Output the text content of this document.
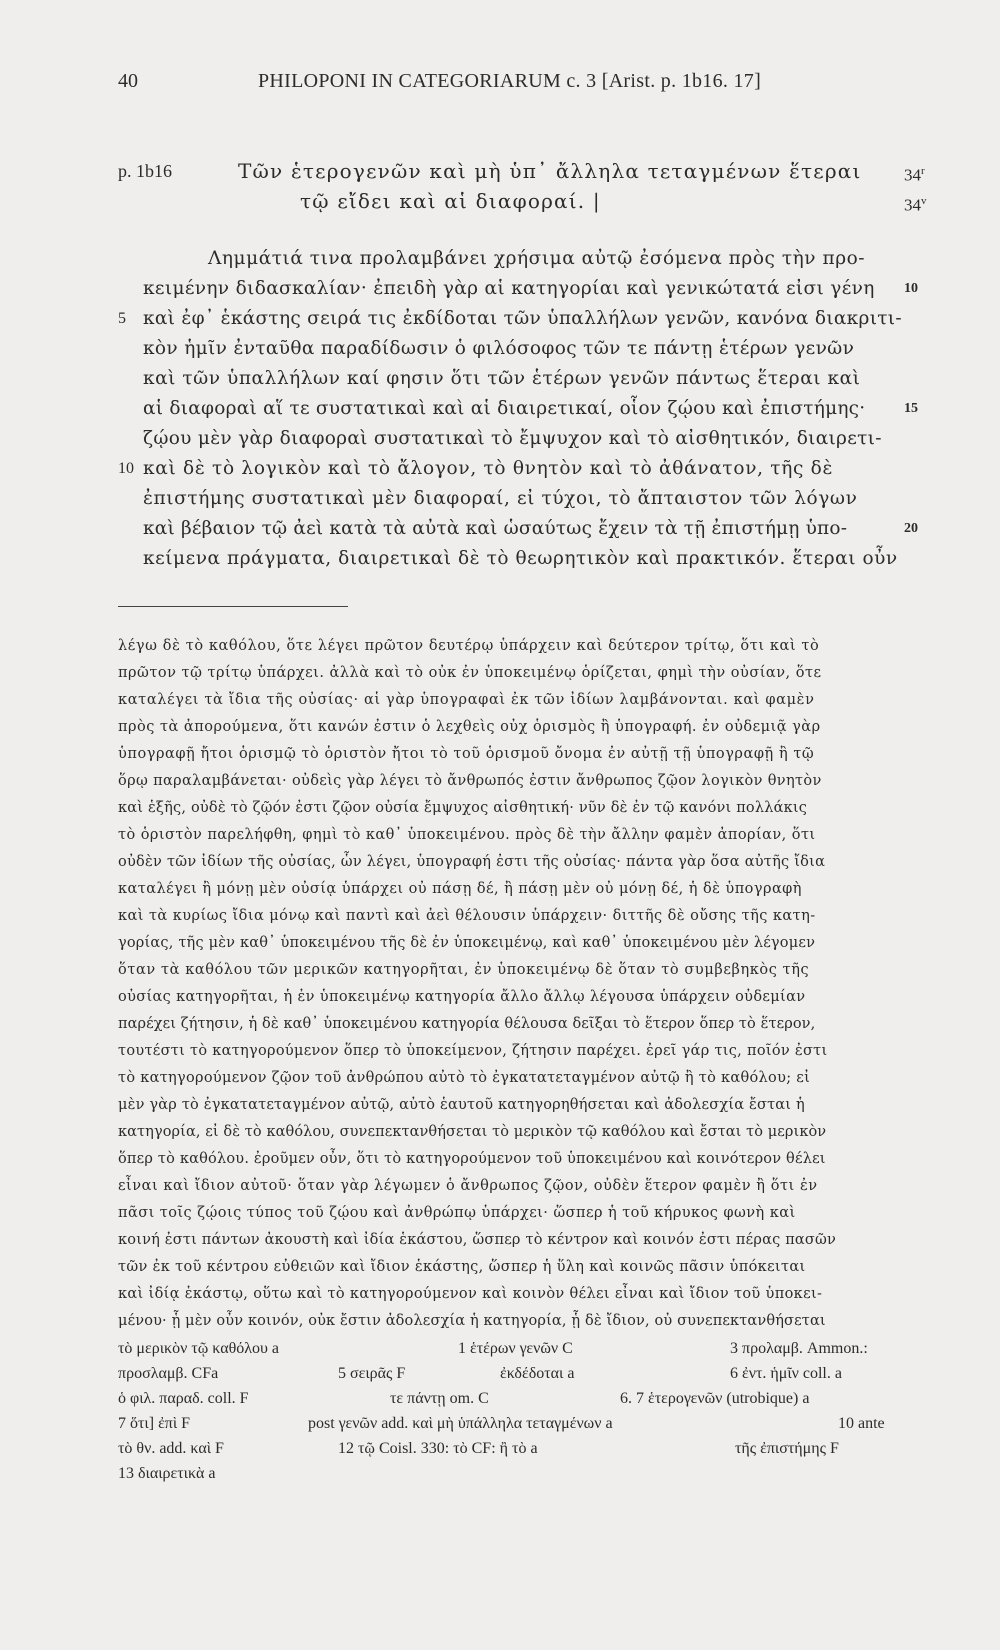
40	PHILOPONI IN CATEGORIARUM c. 3 [Arist. p. 1b16. 17]
p. 1b16	Τῶν ἑτερογενῶν καὶ μὴ ὑπ᾽ ἄλληλα τεταγμένων ἕτεραι
τῷ εἴδει καὶ αἱ διαφοραί. |
34$^r$
34$^v$
Λημμάτιά τινα προλαμβάνει χρήσιμα αὐτῷ ἐσόμενα πρὸς τὴν προ-
κειμένην διδασκαλίαν· ἐπειδὴ γὰρ αἱ κατηγορίαι καὶ γενικώτατά εἰσι γένη
καὶ ἐφ᾽ ἑκάστης σειρά τις ἐκδίδοται τῶν ὑπαλλήλων γενῶν, κανόνα διακριτι-
κὸν ἡμῖν ἐνταῦθα παραδίδωσιν ὁ φιλόσοφος τῶν τε πάντῃ ἑτέρων γενῶν
καὶ τῶν ὑπαλλήλων καί φησιν ὅτι τῶν ἑτέρων γενῶν πάντως ἕτεραι καὶ
αἱ διαφοραὶ αἵ τε συστατικαὶ καὶ αἱ διαιρετικαί, οἷον ζῴου καὶ ἐπιστήμης·
ζῴου μὲν γὰρ διαφοραὶ συστατικαὶ τὸ ἔμψυχον καὶ τὸ αἰσθητικόν, διαιρετι-
καὶ δὲ τὸ λογικὸν καὶ τὸ ἄλογον, τὸ θνητὸν καὶ τὸ ἀθάνατον, τῆς δὲ
ἐπιστήμης συστατικαὶ μὲν διαφοραί, εἰ τύχοι, τὸ ἄπταιστον τῶν λόγων
καὶ βέβαιον τῷ ἀεὶ κατὰ τὰ αὐτὰ καὶ ὡσαύτως ἔχειν τὰ τῇ ἐπιστήμῃ ὑπο-
κείμενα πράγματα, διαιρετικαὶ δὲ τὸ θεωρητικὸν καὶ πρακτικόν. ἕτεραι οὖν
5
10
10
15
20
λέγω δὲ τὸ καθόλου, ὅτε λέγει πρῶτον δευτέρῳ ὑπάρχειν καὶ δεύτερον τρίτῳ, ὅτι καὶ τὸ
πρῶτον τῷ τρίτῳ ὑπάρχει. ἀλλὰ καὶ τὸ οὐκ ἐν ὑποκειμένῳ ὁρίζεται, φημὶ τὴν οὐσίαν, ὅτε
καταλέγει τὰ ἴδια τῆς οὐσίας· αἱ γὰρ ὑπογραφαὶ ἐκ τῶν ἰδίων λαμβάνονται. καὶ φαμὲν
πρὸς τὰ ἀπορούμενα, ὅτι κανών ἐστιν ὁ λεχθεὶς οὐχ ὁρισμὸς ἢ ὑπογραφή. ἐν οὐδεμιᾷ γὰρ
ὑπογραφῇ ἤτοι ὁρισμῷ τὸ ὁριστὸν ἤτοι τὸ τοῦ ὁρισμοῦ ὄνομα ἐν αὐτῇ τῇ ὑπογραφῇ ἢ τῷ
ὅρῳ παραλαμβάνεται· οὐδεὶς γὰρ λέγει τὸ ἄνθρωπός ἐστιν ἄνθρωπος ζῷον λογικὸν θνητὸν
καὶ ἑξῆς, οὐδὲ τὸ ζῷόν ἐστι ζῷον οὐσία ἔμψυχος αἰσθητική· νῦν δὲ ἐν τῷ κανόνι πολλάκις
τὸ ὁριστὸν παρελήφθη, φημὶ τὸ καθ᾽ ὑποκειμένου. πρὸς δὲ τὴν ἄλλην φαμὲν ἀπορίαν, ὅτι
οὐδὲν τῶν ἰδίων τῆς οὐσίας, ὧν λέγει, ὑπογραφή ἐστι τῆς οὐσίας· πάντα γὰρ ὅσα αὐτῆς ἴδια
καταλέγει ἢ μόνῃ μὲν οὐσίᾳ ὑπάρχει οὐ πάσῃ δέ, ἢ πάσῃ μὲν οὐ μόνῃ δέ, ἡ δὲ ὑπογραφὴ
καὶ τὰ κυρίως ἴδια μόνῳ καὶ παντὶ καὶ ἀεὶ θέλουσιν ὑπάρχειν· διττῆς δὲ οὔσης τῆς κατη-
γορίας, τῆς μὲν καθ᾽ ὑποκειμένου τῆς δὲ ἐν ὑποκειμένῳ, καὶ καθ᾽ ὑποκειμένου μὲν λέγομεν
ὅταν τὰ καθόλου τῶν μερικῶν κατηγορῆται, ἐν ὑποκειμένῳ δὲ ὅταν τὸ συμβεβηκὸς τῆς
οὐσίας κατηγορῆται, ἡ ἐν ὑποκειμένῳ κατηγορία ἄλλο ἄλλῳ λέγουσα ὑπάρχειν οὐδεμίαν
παρέχει ζήτησιν, ἡ δὲ καθ᾽ ὑποκειμένου κατηγορία θέλουσα δεῖξαι τὸ ἕτερον ὅπερ τὸ ἕτερον,
τουτέστι τὸ κατηγορούμενον ὅπερ τὸ ὑποκείμενον, ζήτησιν παρέχει. ἐρεῖ γάρ τις, ποῖόν ἐστι
τὸ κατηγορούμενον ζῷον τοῦ ἀνθρώπου αὐτὸ τὸ ἐγκατατεταγμένον αὐτῷ ἢ τὸ καθόλου; εἰ
μὲν γὰρ τὸ ἐγκατατεταγμένον αὐτῷ, αὐτὸ ἑαυτοῦ κατηγορηθήσεται καὶ ἀδολεσχία ἔσται ἡ
κατηγορία, εἰ δὲ τὸ καθόλου, συνεπεκτανθήσεται τὸ μερικὸν τῷ καθόλου καὶ ἔσται τὸ μερικὸν
ὅπερ τὸ καθόλου. ἐροῦμεν οὖν, ὅτι τὸ κατηγορούμενον τοῦ ὑποκειμένου καὶ κοινότερον θέλει
εἶναι καὶ ἴδιον αὐτοῦ· ὅταν γὰρ λέγωμεν ὁ ἄνθρωπος ζῷον, οὐδὲν ἕτερον φαμὲν ἢ ὅτι ἐν
πᾶσι τοῖς ζῴοις τύπος τοῦ ζῴου καὶ ἀνθρώπῳ ὑπάρχει· ὥσπερ ἡ τοῦ κήρυκος φωνὴ καὶ
κοινή ἐστι πάντων ἀκουστὴ καὶ ἰδία ἑκάστου, ὥσπερ τὸ κέντρον καὶ κοινόν ἐστι πέρας πασῶν
τῶν ἐκ τοῦ κέντρου εὐθειῶν καὶ ἴδιον ἑκάστης, ὥσπερ ἡ ὕλη καὶ κοινῶς πᾶσιν ὑπόκειται
καὶ ἰδίᾳ ἑκάστῳ, οὕτω καὶ τὸ κατηγορούμενον καὶ κοινὸν θέλει εἶναι καὶ ἴδιον τοῦ ὑποκει-
μένου· ᾗ μὲν οὖν κοινόν, οὐκ ἔστιν ἀδολεσχία ἡ κατηγορία, ᾗ δὲ ἴδιον, οὐ συνεπεκτανθήσεται
τὸ μερικὸν τῷ καθόλου a	1 ἑτέρων γενῶν C	3 προλαμβ. Ammon.:
προσλαμβ. CFa	5 σειρᾶς F	ἐκδέδοται a	6 ἐντ. ἡμῖν coll. a
ὁ φιλ. παραδ. coll. F	τε πάντῃ om. C	6. 7 ἑτερογενῶν (utrobique) a
7 ὅτι] ἐπὶ F	post γενῶν add. καὶ μὴ ὑπάλληλα τεταγμένων a	10 ante
τὸ θν. add. καὶ F	12 τῷ Coisl. 330: τὸ CF: ἢ τὸ a	τῆς ἐπιστήμης F
13 διαιρετικὰ a
